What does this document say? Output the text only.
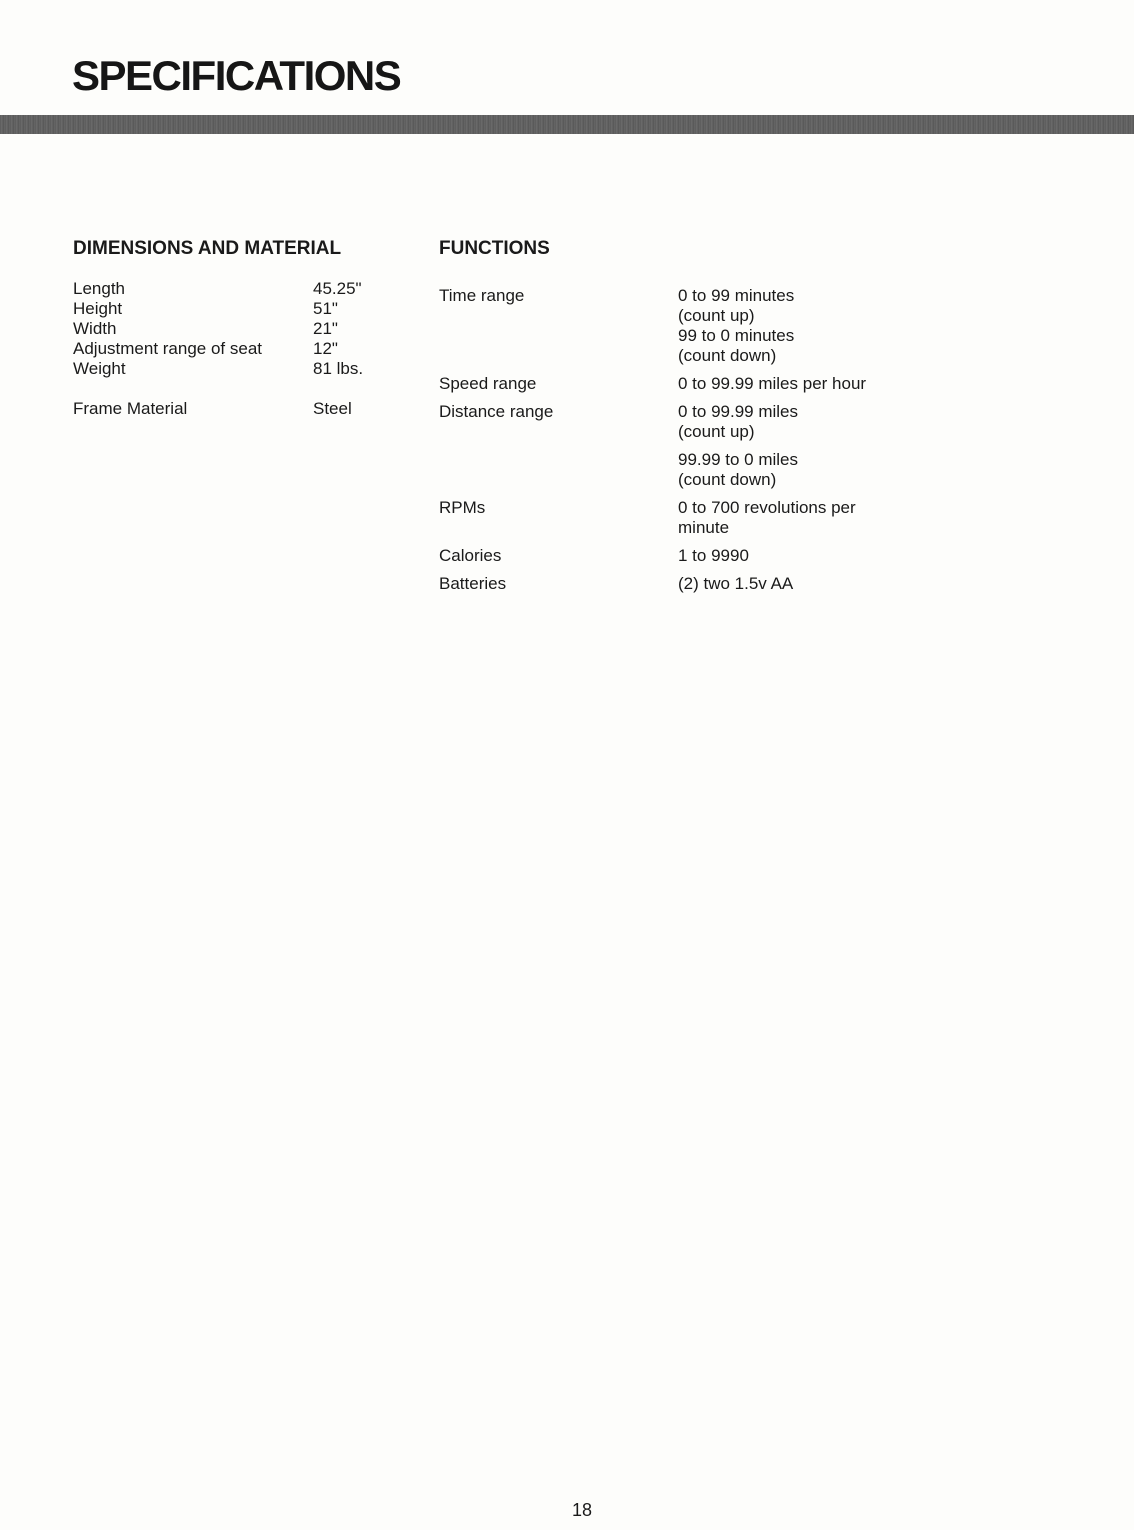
SPECIFICATIONS
DIMENSIONS AND MATERIAL
Length	45.25"
Height	51"
Width	21"
Adjustment range of seat	12"
Weight	81 lbs.
Frame Material	Steel
FUNCTIONS
Time range	0 to 99 minutes
(count up)
99 to 0 minutes
(count down)
Speed range	0 to 99.99 miles per hour
Distance range	0 to 99.99 miles
(count up)
99.99 to 0 miles
(count down)
RPMs	0 to 700 revolutions per
minute
Calories	1 to 9990
Batteries	(2) two 1.5v AA
18
